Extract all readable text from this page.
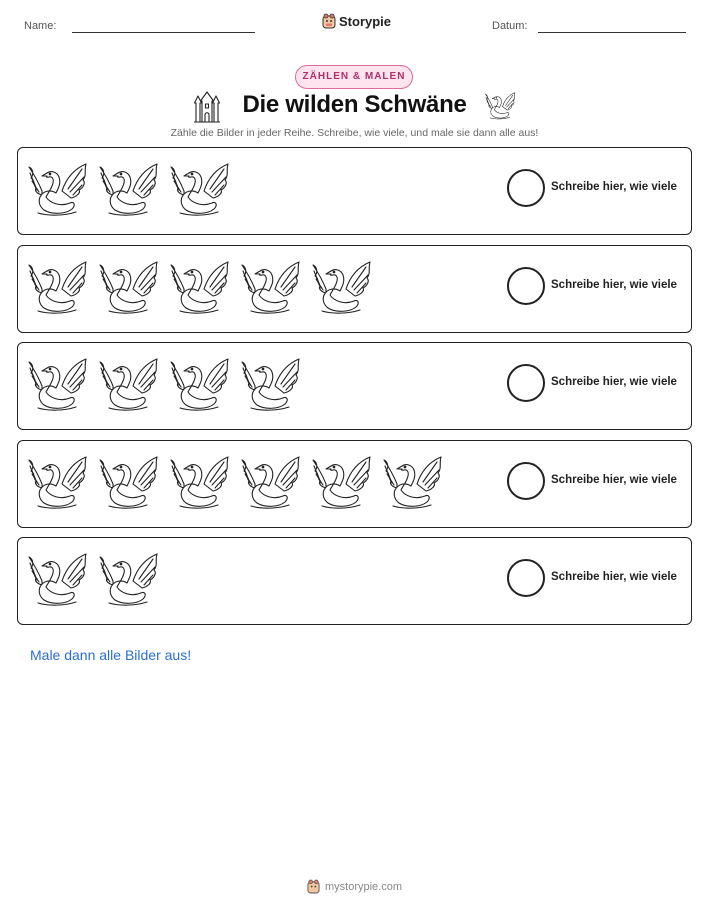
Name:	Storypie	Datum:
ZÄHLEN & MALEN
Die wilden Schwäne
Zähle die Bilder in jeder Reihe. Schreibe, wie viele, und male sie dann alle aus!
Schreibe hier, wie viele
Schreibe hier, wie viele
Schreibe hier, wie viele
Schreibe hier, wie viele
Schreibe hier, wie viele
Male dann alle Bilder aus!
mystorypie.com
